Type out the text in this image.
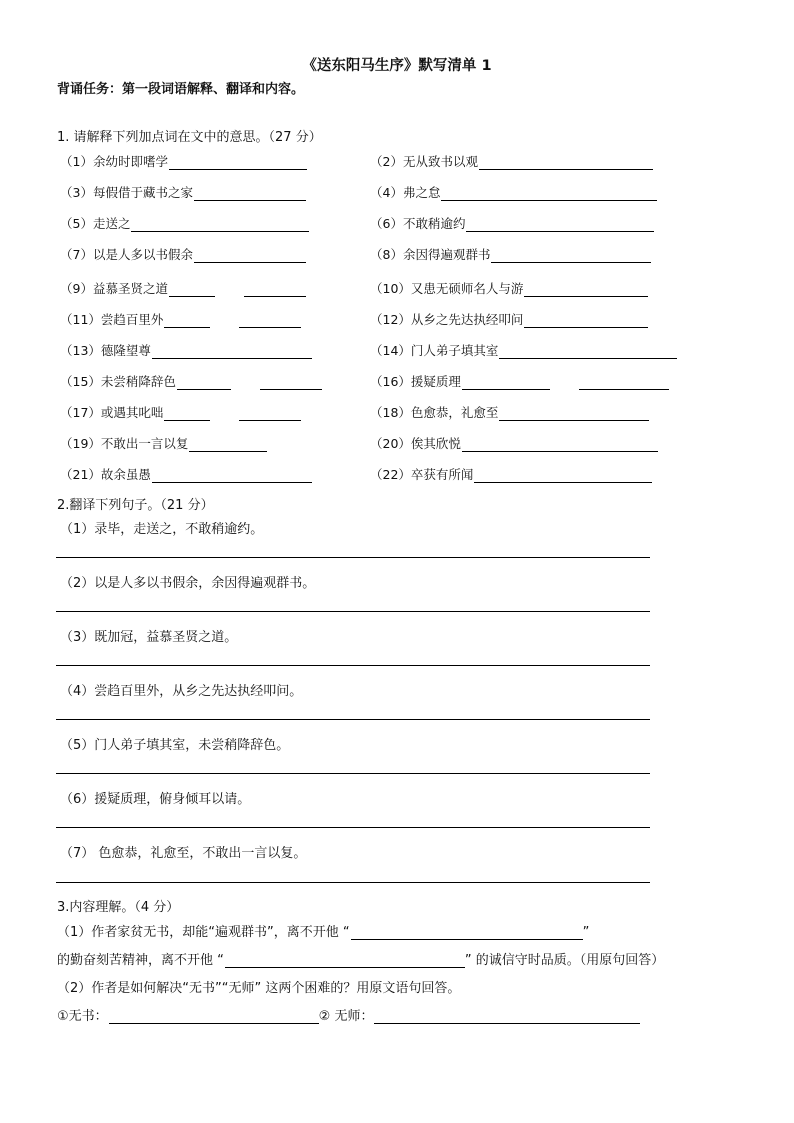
《送东阳马生序》默写清单 1
背诵任务：第一段词语解释、翻译和内容。
1. 请解释下列加点词在文中的意思。（27 分）
（1）余幼时即嗜学	（2）无从致书以观
（3）每假借于藏书之家	（4）弗之怠
（5）走送之	（6）不敢稍逾约
（7）以是人多以书假余	（8）余因得遍观群书
（9）益慕圣贤之道	（10）又患无硕师名人与游
（11）尝趋百里外	（12）从乡之先达执经叩问
（13）德隆望尊	（14）门人弟子填其室
（15）未尝稍降辞色	（16）援疑质理
（17）或遇其叱咄	（18）色愈恭，礼愈至
（19）不敢出一言以复	（20）俟其欣悦
（21）故余虽愚	（22）卒获有所闻
2.翻译下列句子。（21 分）
（1）录毕，走送之，不敢稍逾约。
（2）以是人多以书假余，余因得遍观群书。
（3）既加冠，益慕圣贤之道。
（4）尝趋百里外，从乡之先达执经叩问。
（5）门人弟子填其室，未尝稍降辞色。
（6）援疑质理，俯身倾耳以请。
（7） 色愈恭，礼愈至，不敢出一言以复。
3.内容理解。（4 分）
（1）作者家贫无书，却能“遍观群书”，离不开他 “	”
的勤奋刻苦精神，离不开他 “	” 的诚信守时品质。（用原句回答）
（2）作者是如何解决“无书”“无师” 这两个困难的？用原文语句回答。
①无书：	② 无师：
